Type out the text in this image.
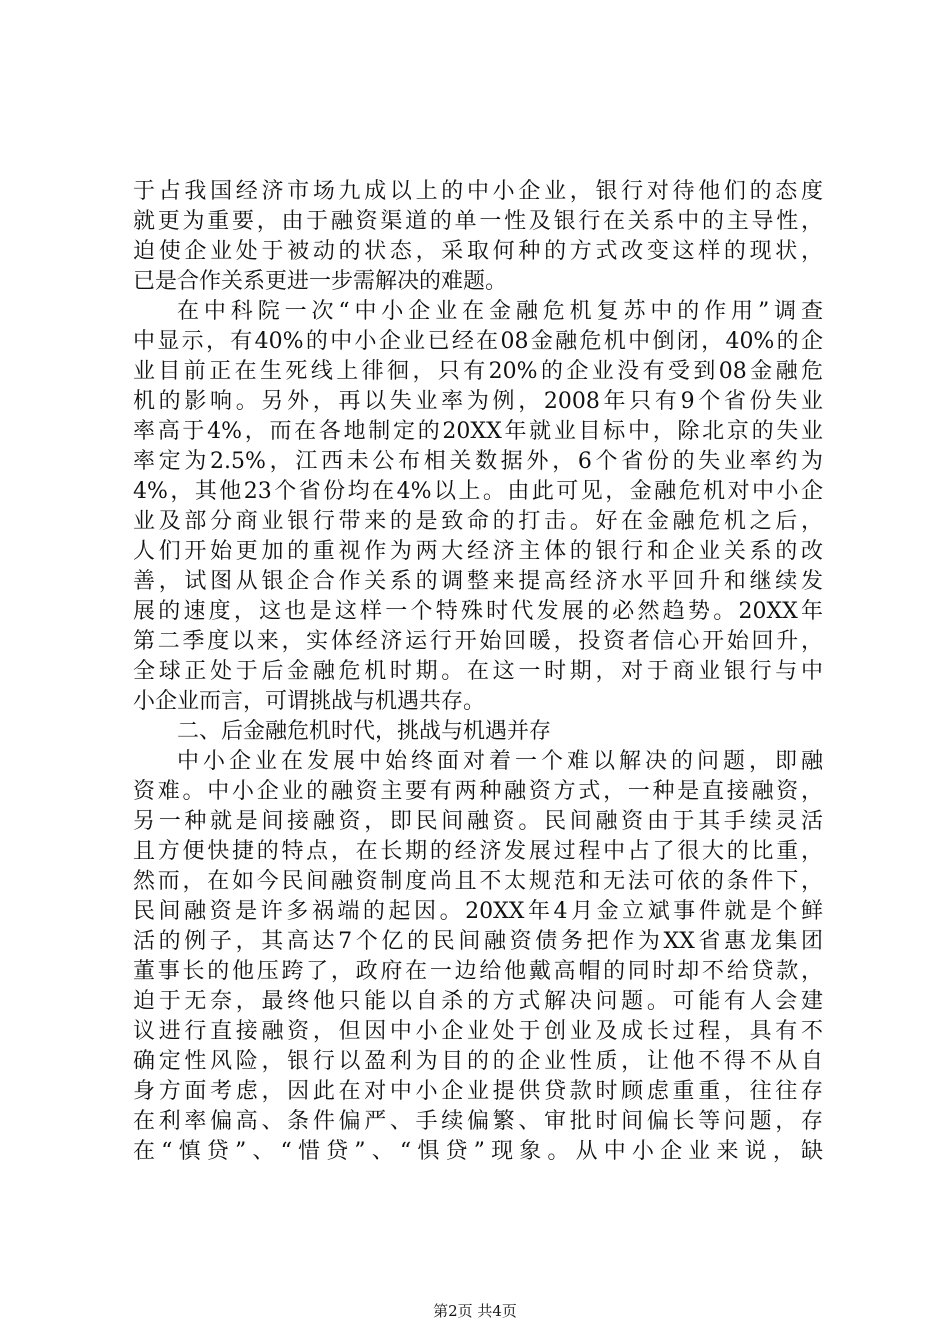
于占我国经济市场九成以上的中小企业，银行对待他们的态度
就更为重要，由于融资渠道的单一性及银行在关系中的主导性，
迫使企业处于被动的状态，采取何种的方式改变这样的现状，
已是合作关系更进一步需解决的难题。
在中科院一次“中小企业在金融危机复苏中的作用”调查
中显示，有40%的中小企业已经在08金融危机中倒闭，40%的企
业目前正在生死线上徘徊，只有20%的企业没有受到08金融危
机的影响。另外，再以失业率为例，2008年只有9个省份失业
率高于4%，而在各地制定的20XX年就业目标中，除北京的失业
率定为2.5%，江西未公布相关数据外，6个省份的失业率约为
4%，其他23个省份均在4%以上。由此可见，金融危机对中小企
业及部分商业银行带来的是致命的打击。好在金融危机之后，
人们开始更加的重视作为两大经济主体的银行和企业关系的改
善，试图从银企合作关系的调整来提高经济水平回升和继续发
展的速度，这也是这样一个特殊时代发展的必然趋势。20XX年
第二季度以来，实体经济运行开始回暖，投资者信心开始回升，
全球正处于后金融危机时期。在这一时期，对于商业银行与中
小企业而言，可谓挑战与机遇共存。
二、后金融危机时代，挑战与机遇并存
中小企业在发展中始终面对着一个难以解决的问题，即融
资难。中小企业的融资主要有两种融资方式，一种是直接融资，
另一种就是间接融资，即民间融资。民间融资由于其手续灵活
且方便快捷的特点，在长期的经济发展过程中占了很大的比重，
然而，在如今民间融资制度尚且不太规范和无法可依的条件下，
民间融资是许多祸端的起因。20XX年4月金立斌事件就是个鲜
活的例子，其高达7个亿的民间融资债务把作为XX省惠龙集团
董事长的他压跨了，政府在一边给他戴高帽的同时却不给贷款，
迫于无奈，最终他只能以自杀的方式解决问题。可能有人会建
议进行直接融资，但因中小企业处于创业及成长过程，具有不
确定性风险，银行以盈利为目的的企业性质，让他不得不从自
身方面考虑，因此在对中小企业提供贷款时顾虑重重，往往存
在利率偏高、条件偏严、手续偏繁、审批时间偏长等问题，存
在“慎贷”、“惜贷”、“惧贷”现象。从中小企业来说，缺
第2页 共4页
